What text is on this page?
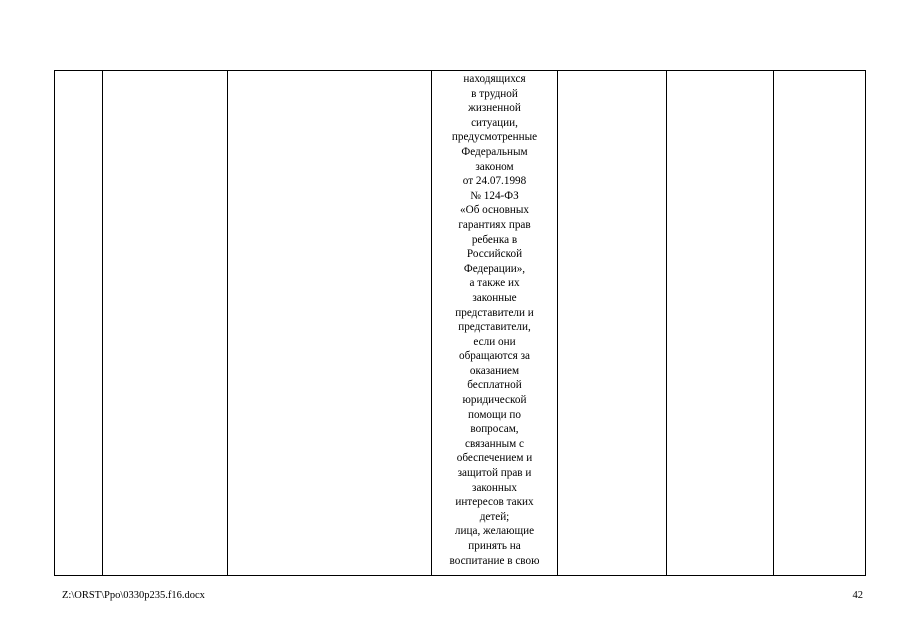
находящихся
в трудной
жизненной
ситуации,
предусмотренные
Федеральным
законом
от 24.07.1998
№ 124-ФЗ
«Об основных
гарантиях прав
ребенка в
Российской
Федерации»,
а также их
законные
представители и
представители,
если они
обращаются за
оказанием
бесплатной
юридической
помощи по
вопросам,
связанным с
обеспечением и
защитой прав и
законных
интересов таких
детей;
лица, желающие
принять на
воспитание в свою

Z:\ORST\Ppo\0330p235.f16.docx	42
